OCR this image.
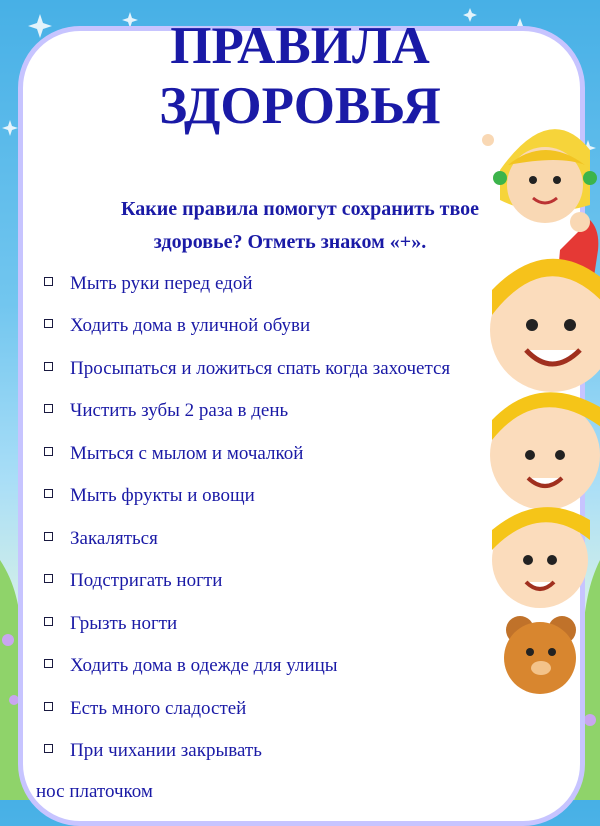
ПРАВИЛА
ЗДОРОВЬЯ

Какие правила помогут сохранить твое

здоровье? Отметь знаком «+».

Мыть руки перед едой
Ходить дома в уличной обуви
Просыпаться и ложиться спать когда захочется
Чистить зубы 2 раза в день
Мытьcя с мылом и мочалкой
Мыть фрукты и овощи
Закаляться
Подстригать ногти
Грызть ногти
Ходить дома в одежде для улицы
Есть много сладостей
При чихании закрывать
нос платочком
